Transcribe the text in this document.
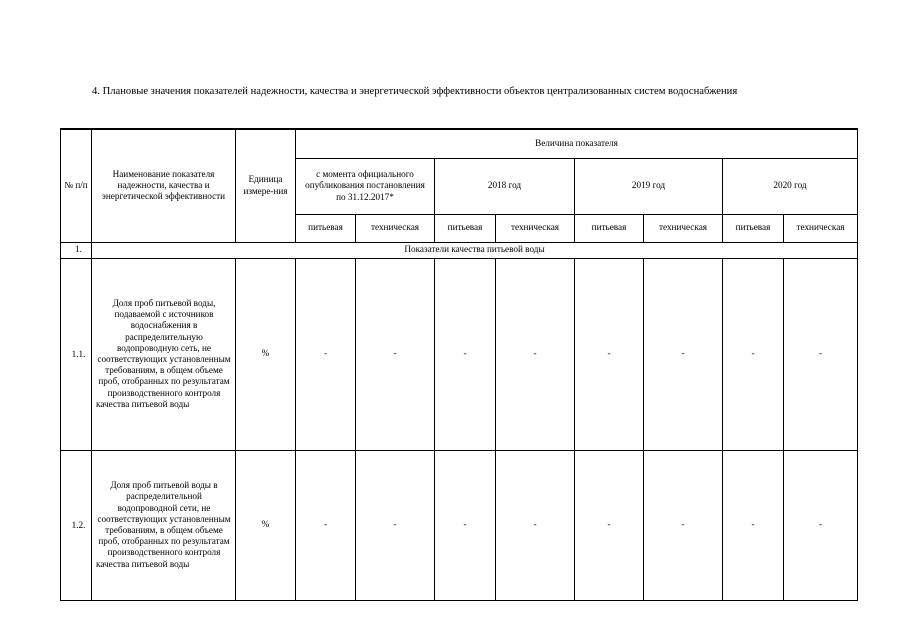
4. Плановые значения показателей надежности, качества и энергетической эффективности объектов централизованных систем водоснабжения

№ п/п	Наименование показателя надежности, качества и энергетической эффективности	Единица измере-ния	Величина показателя							
			с момента официального опубликования постановления по 31.12.2017*		2018 год		2019 год		2020 год	
			питьевая	техническая	питьевая	техническая	питьевая	техническая	питьевая	техническая
1.	Показатели качества питьевой воды									
1.1.	Доля проб питьевой воды, подаваемой с источников водоснабжения в распределительную водопроводную сеть, не соответствующих установленным требованиям, в общем объеме проб, отобранных по результатам производственного контроля качества питьевой воды	%	-	-	-	-	-	-	-	-
1.2.	Доля проб питьевой воды в распределительной водопроводной сети, не соответствующих установленным требованиям, в общем объеме проб, отобранных по результатам производственного контроля качества питьевой воды	%	-	-	-	-	-	-	-	-
